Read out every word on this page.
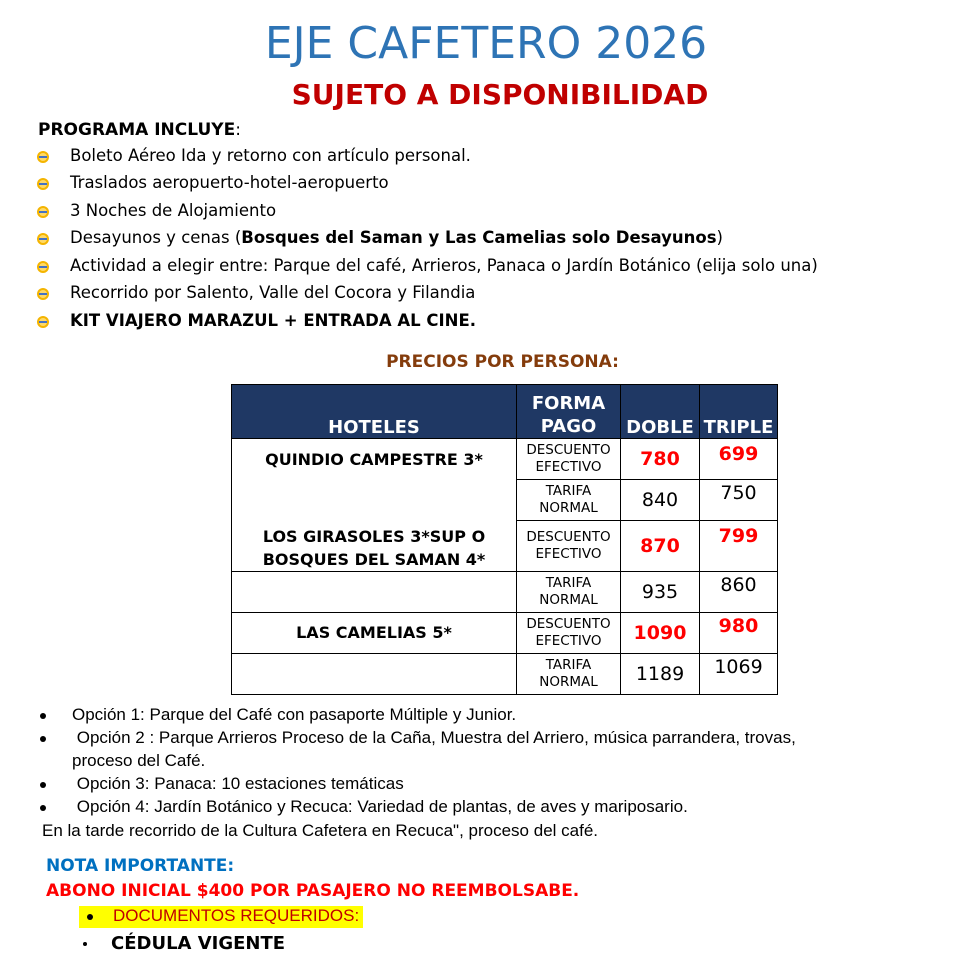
EJE CAFETERO 2026
SUJETO A DISPONIBILIDAD
PROGRAMA INCLUYE:
Boleto Aéreo Ida y retorno con artículo personal.
Traslados aeropuerto-hotel-aeropuerto
3 Noches de Alojamiento
Desayunos y cenas (Bosques del Saman y Las Camelias solo Desayunos)
Actividad a elegir entre: Parque del café, Arrieros, Panaca o Jardín Botánico (elija solo una)
Recorrido por Salento, Valle del Cocora y Filandia
KIT VIAJERO MARAZUL + ENTRADA AL CINE.
PRECIOS POR PERSONA:
HOTELES	FORMA PAGO	DOBLE	TRIPLE
QUINDIO CAMPESTRE 3*	DESCUENTO EFECTIVO	780	699
	TARIFA NORMAL	840	750
LOS GIRASOLES 3*SUP O BOSQUES DEL SAMAN 4*	DESCUENTO EFECTIVO	870	799
	TARIFA NORMAL	935	860
LAS CAMELIAS 5*	DESCUENTO EFECTIVO	1090	980
	TARIFA NORMAL	1189	1069
Opción 1: Parque del Café con pasaporte Múltiple y Junior.
Opción 2 : Parque Arrieros Proceso de la Caña, Muestra del Arriero, música parrandera, trovas,
proceso del Café.
Opción 3: Panaca: 10 estaciones temáticas
Opción 4: Jardín Botánico y Recuca: Variedad de plantas, de aves y mariposario.
En la tarde recorrido de la Cultura Cafetera en Recuca", proceso del café.
NOTA IMPORTANTE:
ABONO INICIAL $400 POR PASAJERO NO REEMBOLSABE.
DOCUMENTOS REQUERIDOS:
CÉDULA VIGENTE
